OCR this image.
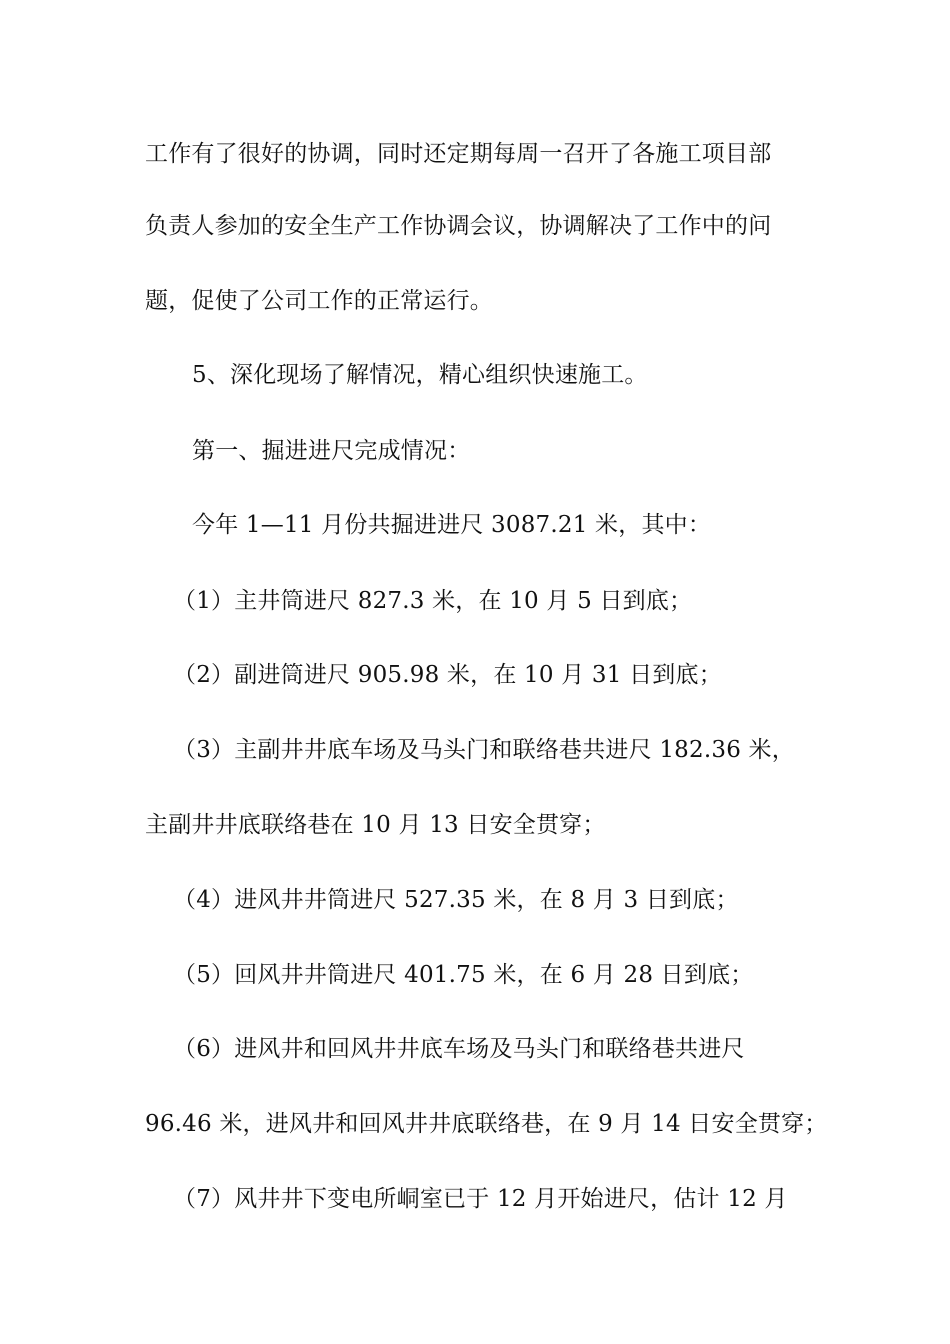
工作有了很好的协调，同时还定期每周一召开了各施工项目部
负责人参加的安全生产工作协调会议，协调解决了工作中的问
题，促使了公司工作的正常运行。
5、深化现场了解情况，精心组织快速施工。
第一、掘进进尺完成情况：
今年 1—11 月份共掘进进尺 3087.21 米，其中：
（1）主井筒进尺 827.3 米，在 10 月 5 日到底；
（2）副进筒进尺 905.98 米，在 10 月 31 日到底；
（3）主副井井底车场及马头门和联络巷共进尺 182.36 米，
主副井井底联络巷在 10 月 13 日安全贯穿；
（4）进风井井筒进尺 527.35 米，在 8 月 3 日到底；
（5）回风井井筒进尺 401.75 米，在 6 月 28 日到底；
（6）进风井和回风井井底车场及马头门和联络巷共进尺
96.46 米，进风井和回风井井底联络巷，在 9 月 14 日安全贯穿；
（7）风井井下变电所峒室已于 12 月开始进尺，估计 12 月
